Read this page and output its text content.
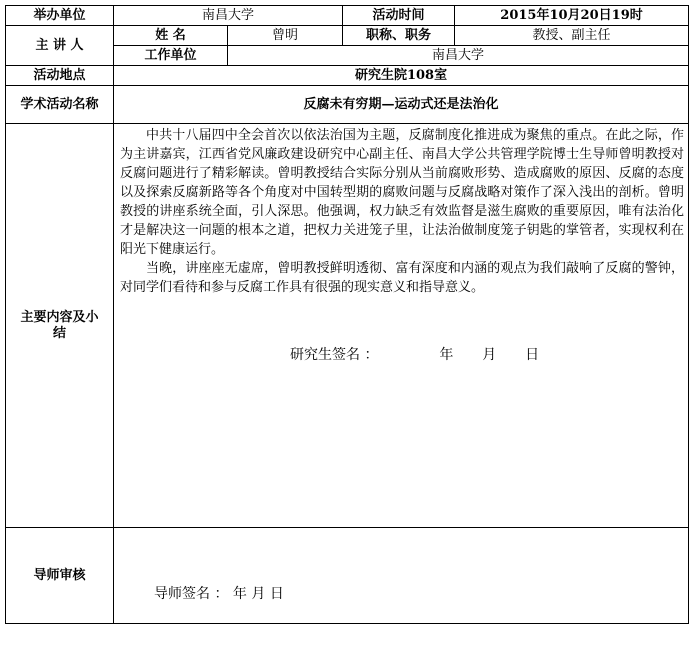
举办单位	南昌大学		活动时间	2015年10月20日19时
主 讲 人	姓 名	曾明	职称、职务	教授、副主任
	工作单位	南昌大学		
活动地点	研究生院108室			
学术活动名称	反腐未有穷期—运动式还是法治化			
主要内容及小结	中共十八届四中全会首次以依法治国为主题，反腐制度化推进成为聚焦的重点。在此之际，作为主讲嘉宾，江西省党风廉政建设研究中心副主任、南昌大学公共管理学院博士生导师曾明教授对反腐问题进行了精彩解读。曾明教授结合实际分别从当前腐败形势、造成腐败的原因、反腐的态度以及探索反腐新路等各个角度对中国转型期的腐败问题与反腐战略对策作了深入浅出的剖析。曾明教授的讲座系统全面，引人深思。他强调，权力缺乏有效监督是滋生腐败的重要原因，唯有法治化才是解决这一问题的根本之道，把权力关进笼子里，让法治做制度笼子钥匙的掌管者，实现权利在阳光下健康运行。

当晚，讲座座无虚席，曾明教授鲜明透彻、富有深度和内涵的观点为我们敲响了反腐的警钟，对同学们看待和参与反腐工作具有很强的现实意义和指导意义。

研究生签名 ： 年 月 日			

导师审核	导师签名 ： 年 月 日			
